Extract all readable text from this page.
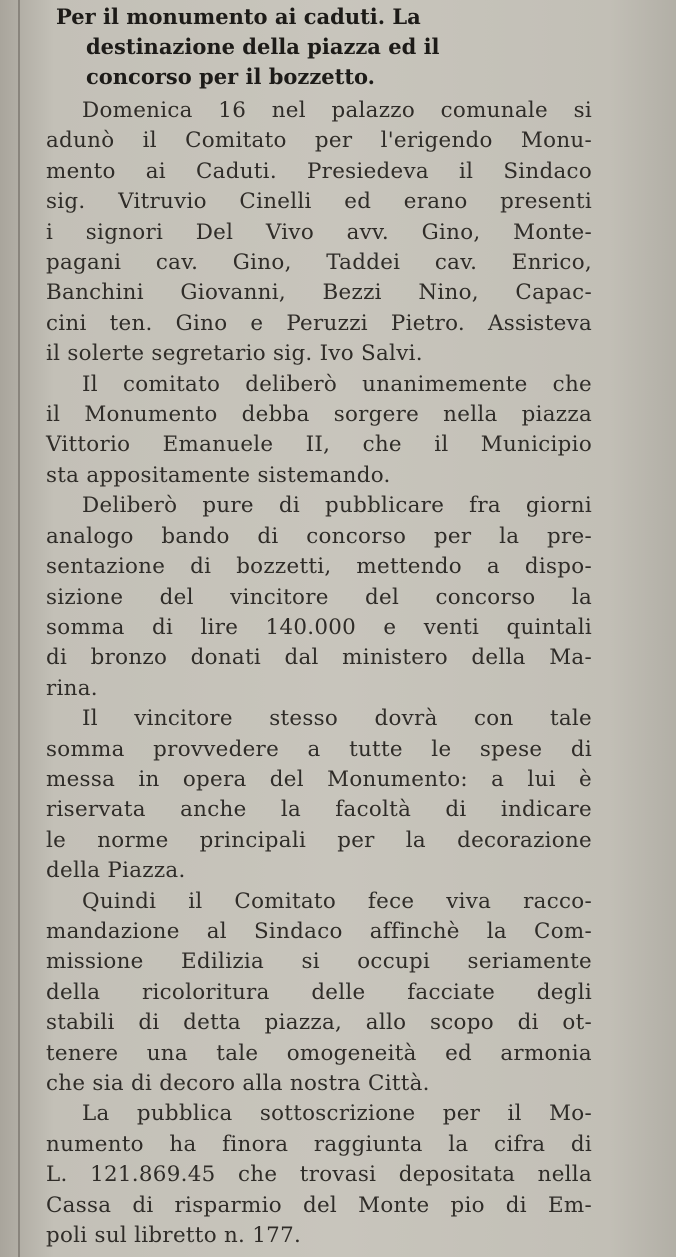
Per il monumento ai caduti. La
destinazione della piazza ed il
concorso per il bozzetto.
Domenica 16 nel palazzo comunale si
adunò il Comitato per l'erigendo Monu-
mento ai Caduti. Presiedeva il Sindaco
sig. Vitruvio Cinelli ed erano presenti
i signori Del Vivo avv. Gino, Monte-
pagani cav. Gino, Taddei cav. Enrico,
Banchini Giovanni, Bezzi Nino, Capac-
cini ten. Gino e Peruzzi Pietro. Assisteva
il solerte segretario sig. Ivo Salvi.
Il comitato deliberò unanimemente che
il Monumento debba sorgere nella piazza
Vittorio Emanuele II, che il Municipio
sta appositamente sistemando.
Deliberò pure di pubblicare fra giorni
analogo bando di concorso per la pre-
sentazione di bozzetti, mettendo a dispo-
sizione del vincitore del concorso la
somma di lire 140.000 e venti quintali
di bronzo donati dal ministero della Ma-
rina.
Il vincitore stesso dovrà con tale
somma provvedere a tutte le spese di
messa in opera del Monumento: a lui è
riservata anche la facoltà di indicare
le norme principali per la decorazione
della Piazza.
Quindi il Comitato fece viva racco-
mandazione al Sindaco affinchè la Com-
missione Edilizia si occupi seriamente
della ricoloritura delle facciate degli
stabili di detta piazza, allo scopo di ot-
tenere una tale omogeneità ed armonia
che sia di decoro alla nostra Città.
La pubblica sottoscrizione per il Mo-
numento ha finora raggiunta la cifra di
L. 121.869.45 che trovasi depositata nella
Cassa di risparmio del Monte pio di Em-
poli sul libretto n. 177.
